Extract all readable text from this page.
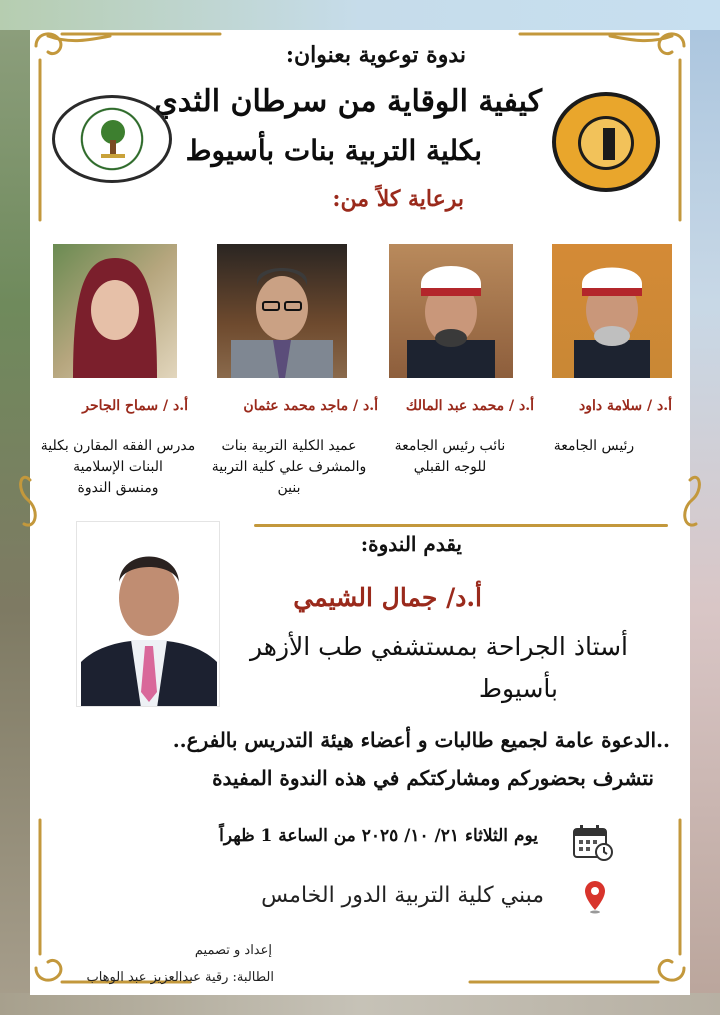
ندوة توعوية بعنوان:
كيفية الوقاية من سرطان الثدي
بكلية التربية بنات بأسيوط
برعاية كلاً من:
أ.د / سلامة داود
أ.د / محمد عبد المالك
أ.د / ماجد محمد عثمان
أ.د / سماح الجاحر
رئيس الجامعة
نائب رئيس الجامعة
للوجه القبلي
عميد الكلية التربية بنات
والمشرف علي كلية التربية
بنين
مدرس الفقه المقارن بكلية
البنات الإسلامية
ومنسق الندوة
يقدم الندوة:
أ.د/ جمال الشيمي
أستاذ الجراحة بمستشفي طب الأزهر
بأسيوط
..الدعوة عامة لجميع طالبات و أعضاء هيئة التدريس بالفرع..
نتشرف بحضوركم ومشاركتكم في هذه الندوة المفيدة
يوم الثلاثاء ٢١/ ١٠/ ٢٠٢٥ من الساعة 1 ظهراً
مبني كلية التربية الدور الخامس
إعداد و تصميم
الطالبة: رقية عبدالعزيز عبد الوهاب
